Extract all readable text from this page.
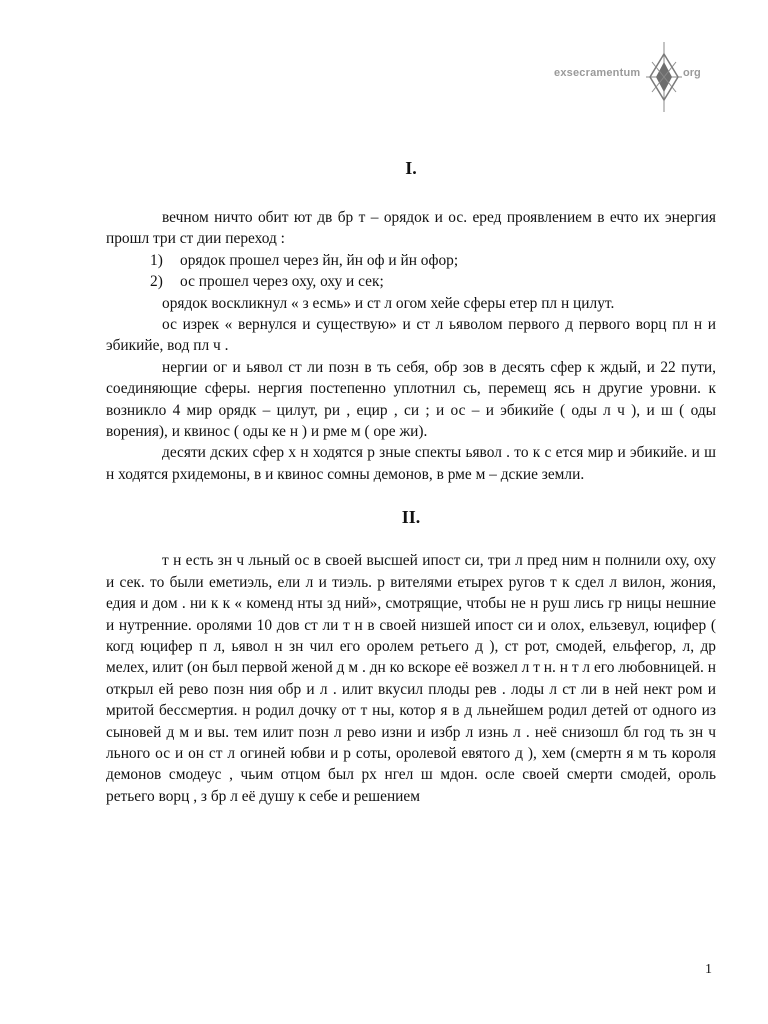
exsecramentum	org
I.

вечном ничто обит ют дв бр т – орядок и ос. еред проявлением в ечто их энергия прошл три ст дии переход :

1) орядок прошел через йн, йн оф и йн офор;

2) ос прошел через оху, оху и сек;

орядок воскликнул « з есмь» и ст л огом хейе сферы етер пл н цилут.

ос изрек « вернулся и существую» и ст л ьяволом первого д первого ворц пл н и эбикийе, вод пл ч .

нергии ог и ьявол ст ли позн в ть себя, обр зов в десять сфер к ждый, и 22 пути, соединяющие сферы. нергия постепенно уплотнил сь, перемещ ясь н другие уровни. к возникло 4 мир орядк – цилут, ри , ецир , си ; и ос – и эбикийе ( оды л ч ), и ш ( оды ворения), и квинос ( оды ке н ) и рме м ( оре жи).

десяти дских сфер х н ходятся р зные спекты ьявол . то к с ется мир и эбикийе. и ш н ходятся рхидемоны, в и квинос сомны демонов, в рме м – дские земли.

II.

т н есть зн ч льный ос в своей высшей ипост си, три л пред ним н полнили оху, оху и сек. то были еметиэль, ели л и тиэль. р вителями етырех ругов т к сдел л вилон, жония, едия и дом . ни к к « коменд нты зд ний», смотрящие, чтобы не н руш лись гр ницы нешние и нутренние. оролями 10 дов ст ли т н в своей низшей ипост си и олох, ельзевул, юцифер ( когд юцифер п л, ьявол н зн чил его оролем ретьего д ), ст рот, смодей, ельфегор, л, др мелех, илит (он был первой женой д м . дн ко вскоре её возжел л т н. н т л его любовницей. н открыл ей рево позн ния обр и л . илит вкусил плоды рев . лоды л ст ли в ней нект ром и мритой бессмертия. н родил дочку от т ны, котор я в д льнейшем родил детей от одного из сыновей д м и вы. тем илит позн л рево изни и избр л изнь л . неё снизошл бл год ть зн ч льного ос и он ст л огиней юбви и р соты, оролевой евятого д ), хем (смертн я м ть короля демонов смодеус , чьим отцом был рх нгел ш мдон. осле своей смерти смодей, ороль ретьего ворц , з бр л её душу к себе и решением

1
